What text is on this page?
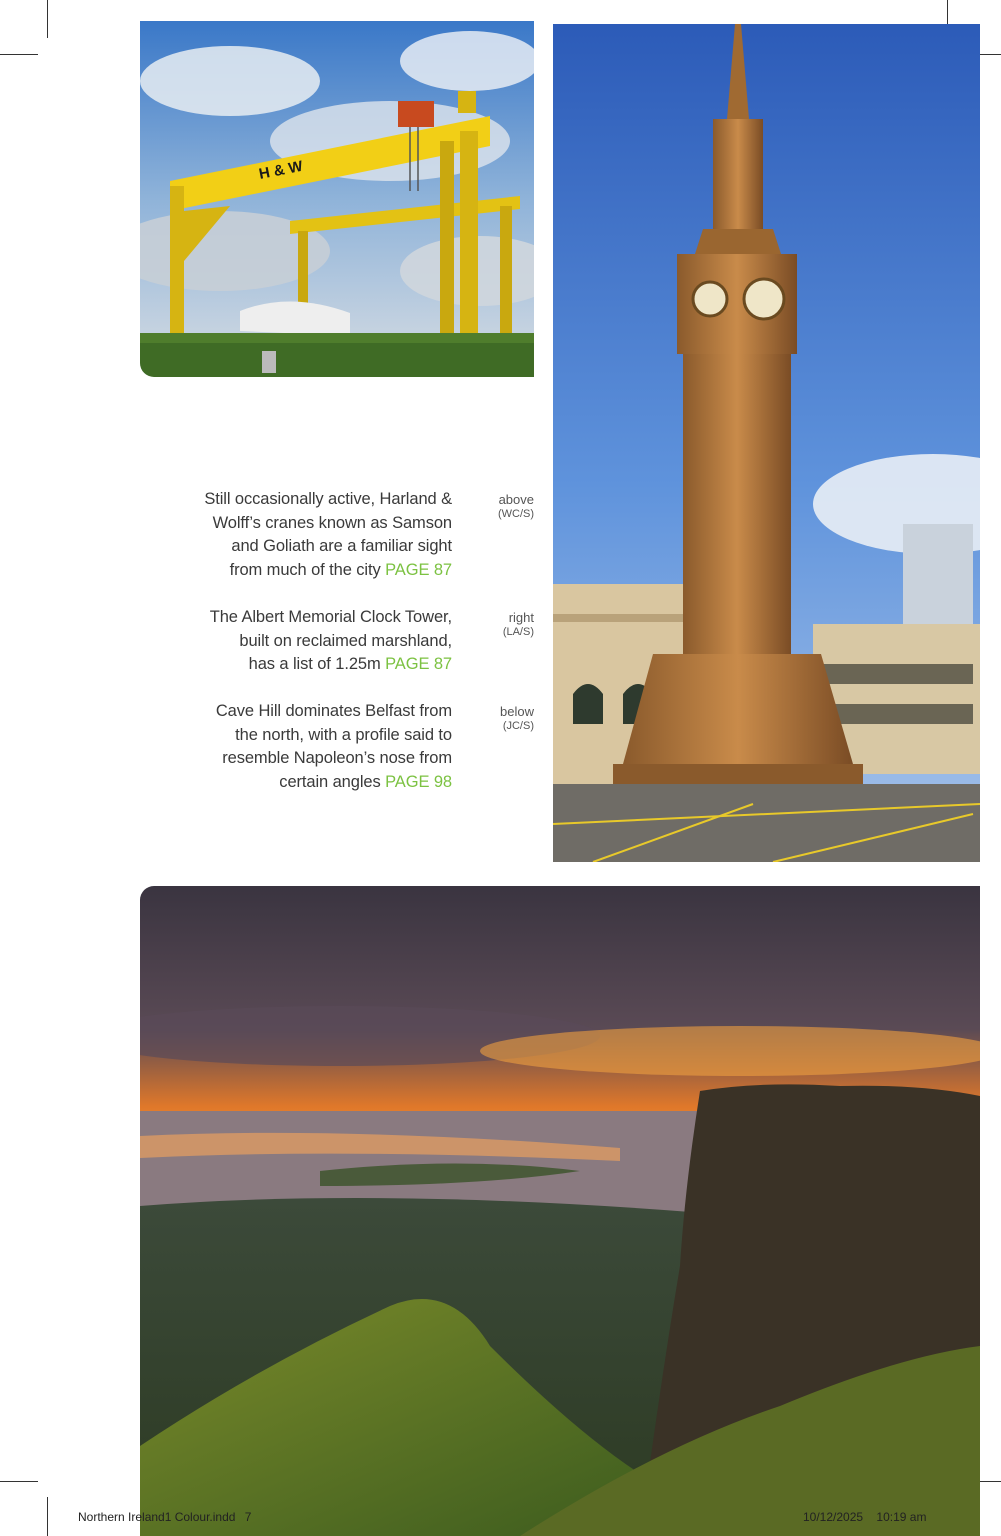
H & W
Still occasionally active, Harland &
Wolff’s cranes known as Samson
and Goliath are a familiar sight
from much of the city PAGE 87
above
(WC/S)
The Albert Memorial Clock Tower,
built on reclaimed marshland,
has a list of 1.25m PAGE 87
right
(LA/S)
Cave Hill dominates Belfast from
the north, with a profile said to
resemble Napoleon’s nose from
certain angles PAGE 98
below
(JC/S)
Northern Ireland1 Colour.indd 7	10/12/2025 10:19 am
